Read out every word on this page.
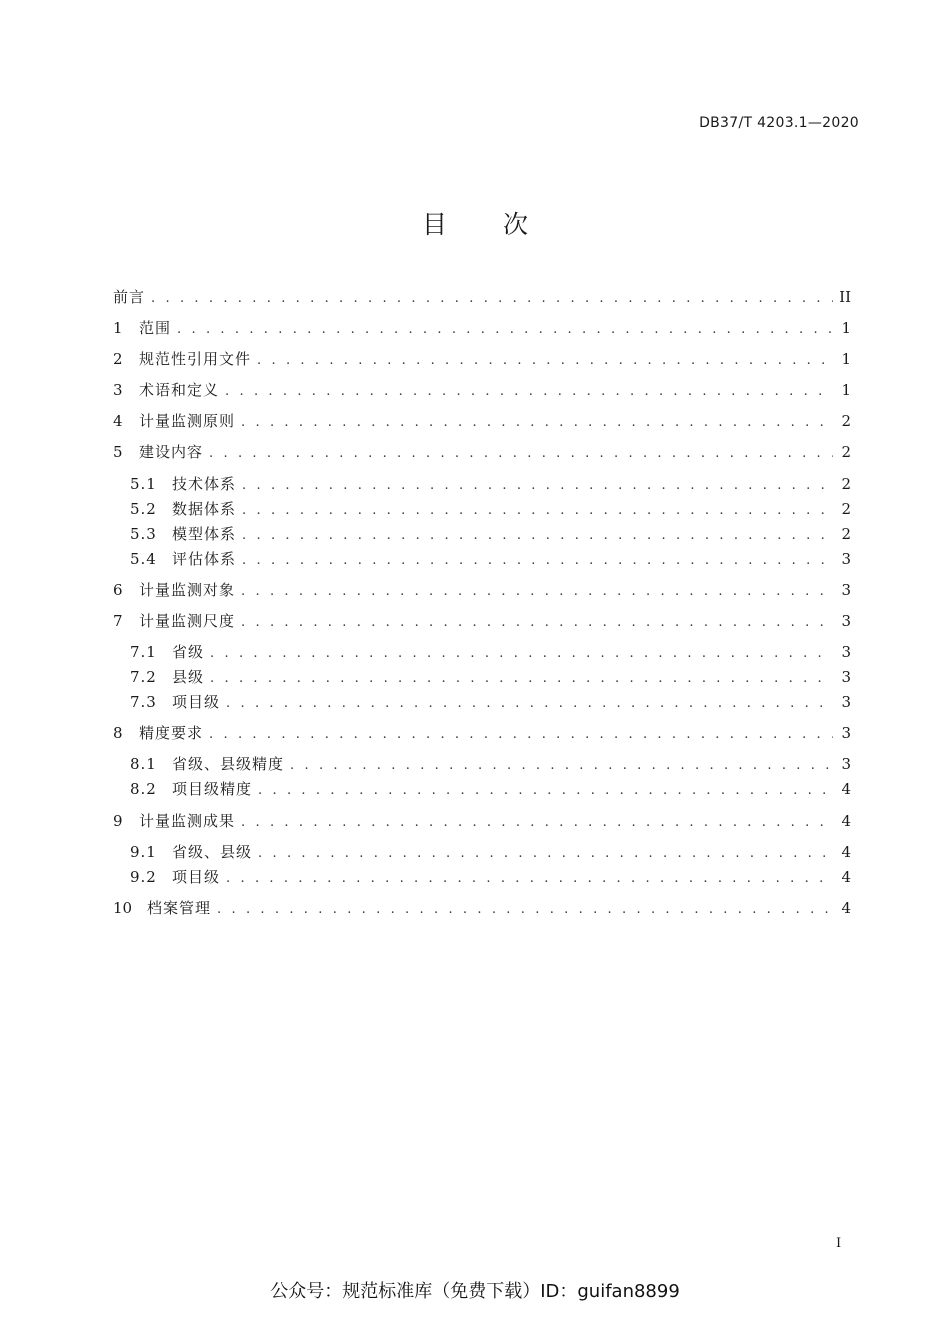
DB37/T 4203.1—2020
目 次
前言 . . .	II
1	范围 . . .	1
2	规范性引用文件 . . .	1
3	术语和定义 . . .	1
4	计量监测原则 . . .	2
5	建设内容 . . .	2
5.1	技术体系 . . .	2
5.2	数据体系 . . .	2
5.3	模型体系 . . .	2
5.4	评估体系 . . .	3
6	计量监测对象 . . .	3
7	计量监测尺度 . . .	3
7.1	省级 . . .	3
7.2	县级 . . .	3
7.3	项目级 . . .	3
8	精度要求 . . .	3
8.1	省级、县级精度 . . .	3
8.2	项目级精度 . . .	4
9	计量监测成果 . . .	4
9.1	省级、县级 . . .	4
9.2	项目级 . . .	4
10 档案管理 . . .	4
I
公众号：规范标准库（免费下载）ID：guifan8899
